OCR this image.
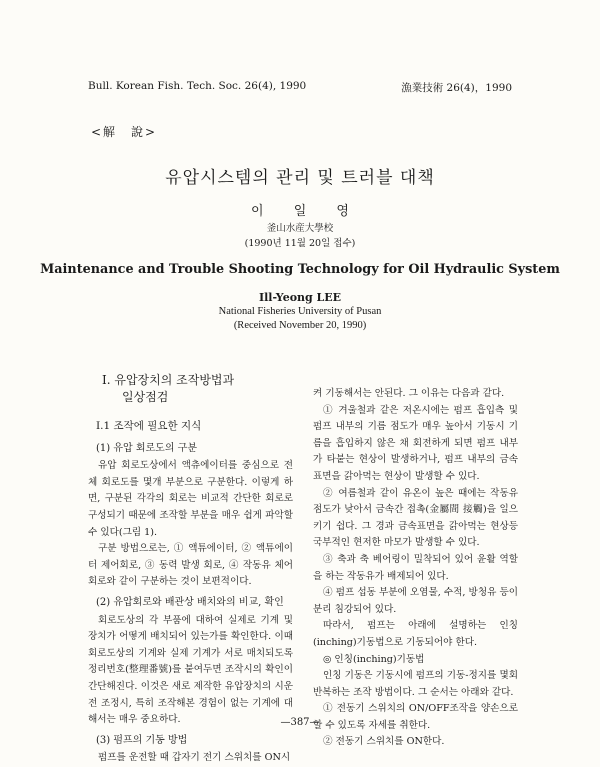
Bull. Korean Fish. Tech. Soc. 26(4), 1990	漁業技術 26(4)，1990
<解　說>
유압시스템의 관리 및 트러블 대책
이 일 영
釜山水産大學校
(1990년 11월 20일 접수)
Maintenance and Trouble Shooting Technology for Oil Hydraulic System
Ill-Yeong LEE
National Fisheries University of Pusan
(Received November 20, 1990)
Ⅰ. 유압장치의 조작방법과
일상점검
Ⅰ.1 조작에 필요한 지식
(1) 유압 회로도의 구분

유압 회로도상에서 액츄에이터를 중심으로 전체 회로도를 몇개 부분으로 구분한다. 이렇게 하면, 구분된 각각의 회로는 비교적 간단한 회로로 구성되기 때문에 조작할 부분을 매우 쉽게 파악할 수 있다(그림 1).

구분 방법으로는, ① 액튜에이터, ② 액튜에이터 제어회로, ③ 동력 발생 회로, ④ 작동유 체어 회로와 같이 구분하는 것이 보편적이다.

(2) 유압회로와 배관상 배치와의 비교, 확인

회로도상의 각 부품에 대하여 실제로 기계 및 장치가 어떻게 배치되어 있는가를 확인한다. 이때 회로도상의 기계와 실제 기계가 서로 매치되도록 정리번호(整理番號)를 붙여두면 조작시의 확인이 간단해진다. 이것은 새로 제작한 유압장치의 시운전 조정시, 특히 조작해본 경험이 없는 기계에 대해서는 매우 중요하다.

(3) 펌프의 기동 방법

펌프를 운전할 때 갑자기 전기 스위치를 ON시

켜 기동해서는 안된다. 그 이유는 다음과 같다.

① 겨울철과 같은 저온시에는 펌프 흡입측 및 펌프 내부의 기름 점도가 매우 높아서 기동시 기름을 흡입하지 않은 채 회전하게 되면 펌프 내부가 타붙는 현상이 발생하거나, 펌프 내부의 금속표면을 갉아먹는 현상이 발생할 수 있다.

② 여름철과 같이 유온이 높은 때에는 작동유 점도가 낮아서 금속간 접촉(金屬間 接觸)을 일으키기 쉽다. 그 경과 금속표면을 갉아먹는 현상등 국부적인 현저한 마모가 발생할 수 있다.

③ 축과 축 베어링이 밀착되어 있어 윤활 역할을 하는 작동유가 배제되어 있다.

④ 펌프 섭동 부분에 오염물, 수적, 방청유 등이 분리 침강되어 있다.

따라서, 펌프는 아래에 설명하는 인칭(inching)기동법으로 기동되어야 한다.

◎ 인칭(inching)기동법

인칭 기동은 기동시에 펌프의 기동-정지를 몇회 반복하는 조작 방법이다. 그 순서는 아래와 같다.

① 전동기 스위치의 ON/OFF조작을 양손으로 할 수 있도록 자세를 취한다.

② 전동기 스위치를 ON한다.

—387—
